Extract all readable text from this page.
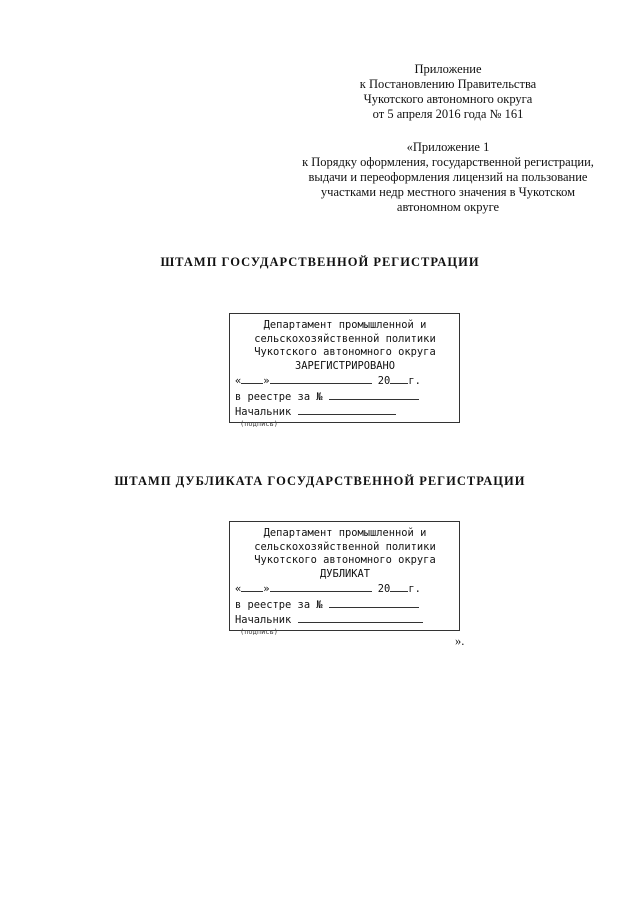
Приложение
к Постановлению Правительства
Чукотского автономного округа
от 5 апреля 2016 года № 161
«Приложение 1
к Порядку оформления, государственной регистрации,
выдачи и переоформления лицензий на пользование
участками недр местного значения в Чукотском
автономном округе
ШТАМП ГОСУДАРСТВЕННОЙ РЕГИСТРАЦИИ
Департамент промышленной и
сельскохозяйственной политики
Чукотского автономного округа
ЗАРЕГИСТРИРОВАНО
« »	20 г.
в реестре за №
Начальник
(подпись)
ШТАМП ДУБЛИКАТА ГОСУДАРСТВЕННОЙ РЕГИСТРАЦИИ
Департамент промышленной и
сельскохозяйственной политики
Чукотского автономного округа
ДУБЛИКАТ
« »	20 г.
в реестре за №
Начальник
(подпись)
».
